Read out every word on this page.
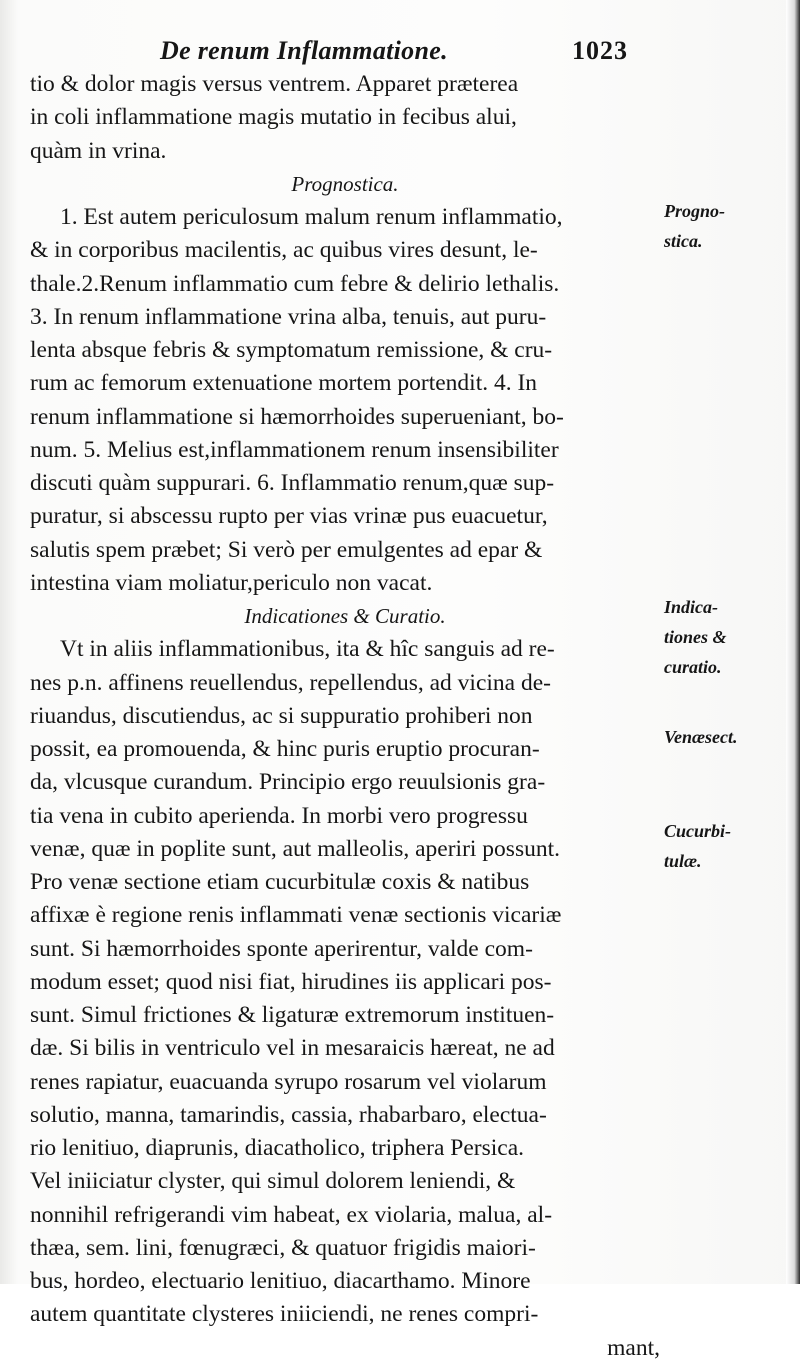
De renum Inflammatione.	1023
tio & dolor magis versus ventrem. Apparet præterea
in coli inflammatione magis mutatio in fecibus alui,
quàm in vrina.
Prognostica.
1. Est autem periculosum malum renum inflammatio,
& in corporibus macilentis, ac quibus vires desunt, le-
thale.2.Renum inflammatio cum febre & delirio lethalis.
3. In renum inflammatione vrina alba, tenuis, aut puru-
lenta absque febris & symptomatum remissione, & cru-
rum ac femorum extenuatione mortem portendit. 4. In
renum inflammatione si hæmorrhoides superueniant, bo-
num. 5. Melius est,inflammationem renum insensibiliter
discuti quàm suppurari. 6. Inflammatio renum,quæ sup-
puratur, si abscessu rupto per vias vrinæ pus euacuetur,
salutis spem præbet; Si verò per emulgentes ad epar &
intestina viam moliatur,periculo non vacat.
Indicationes & Curatio.
Vt in aliis inflammationibus, ita & hîc sanguis ad re-
nes p.n. affinens reuellendus, repellendus, ad vicina de-
riuandus, discutiendus, ac si suppuratio prohiberi non
possit, ea promouenda, & hinc puris eruptio procuran-
da, vlcusque curandum. Principio ergo reuulsionis gra-
tia vena in cubito aperienda. In morbi vero progressu
venæ, quæ in poplite sunt, aut malleolis, aperiri possunt.
Pro venæ sectione etiam cucurbitulæ coxis & natibus
affixæ è regione renis inflammati venæ sectionis vicariæ
sunt. Si hæmorrhoides sponte aperirentur, valde com-
modum esset; quod nisi fiat, hirudines iis applicari pos-
sunt. Simul frictiones & ligaturæ extremorum instituen-
dæ. Si bilis in ventriculo vel in mesaraicis hæreat, ne ad
renes rapiatur, euacuanda syrupo rosarum vel violarum
solutio, manna, tamarindis, cassia, rhabarbaro, electua-
rio lenitiuo, diaprunis, diacatholico, triphera Persica.
Vel iniiciatur clyster, qui simul dolorem leniendi, &
nonnihil refrigerandi vim habeat, ex violaria, malua, al-
thæa, sem. lini, fœnugræci, & quatuor frigidis maiori-
bus, hordeo, electuario lenitiuo, diacarthamo. Minore
autem quantitate clysteres iniiciendi, ne renes compri-
mant,
Progno-
stica.
Indica-
tiones &
curatio.
Venæsect.
Cucurbi-
tulæ.
